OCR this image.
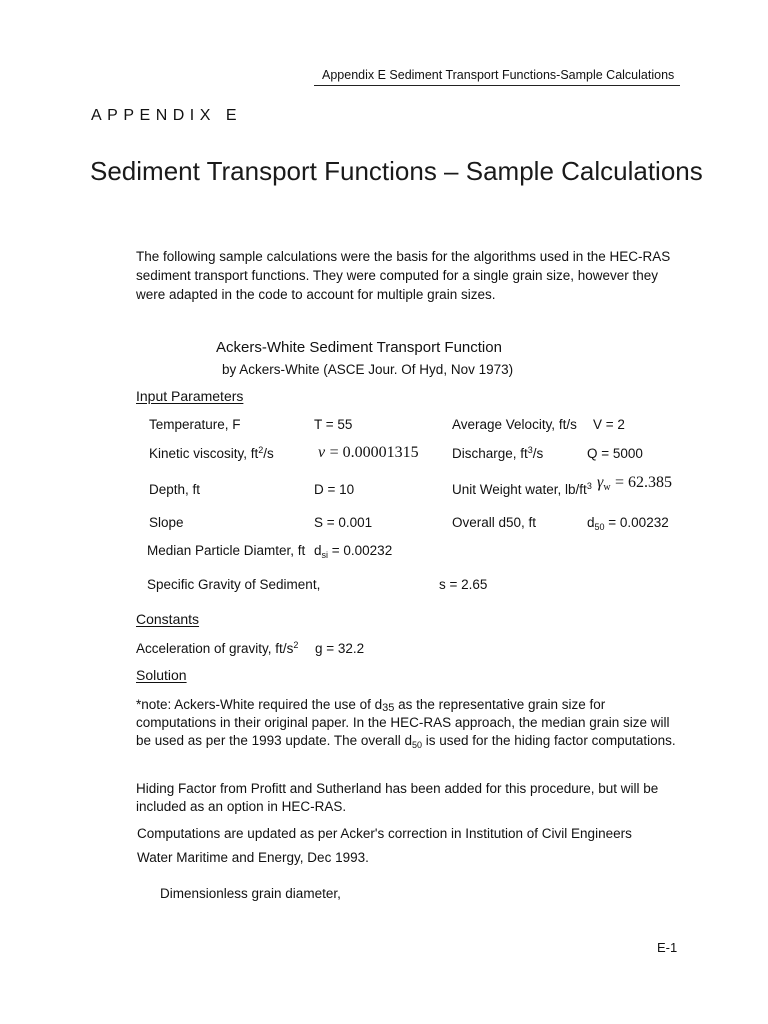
Appendix E Sediment Transport Functions-Sample Calculations
APPENDIX E
Sediment Transport Functions – Sample Calculations
The following sample calculations were the basis for the algorithms used in the HEC-RAS sediment transport functions. They were computed for a single grain size, however they were adapted in the code to account for multiple grain sizes.
Ackers-White Sediment Transport Function
by Ackers-White (ASCE Jour. Of Hyd, Nov 1973)
Input Parameters
Temperature, F	T = 55	Average Velocity, ft/s V = 2
Kinetic viscosity, $ft^2/s$	ν = 0.00001315 Discharge, $ft^3/s$	Q = 5000
Depth, ft	D = 10	Unit Weight water, $lb/ft^3$ $\gamma_w = 62.385$
Slope	S = 0.001	Overall d50, ft	$d_{50} = 0.00232$
Median Particle Diamter, ft $d_{si} = 0.00232$
Specific Gravity of Sediment,	s = 2.65
Constants
Acceleration of gravity, $ft/s^2$ g = 32.2
Solution
*note: Ackers-White required the use of $d_{35}$ as the representative grain size for computations in their original paper. In the HEC-RAS approach, the median grain size will be used as per the 1993 update. The overall $d_{50}$ is used for the hiding factor computations.
Hiding Factor from Profitt and Sutherland has been added for this procedure, but will be included as an option in HEC-RAS.
Computations are updated as per Acker's correction in Institution of Civil Engineers
Water Maritime and Energy, Dec 1993.
Dimensionless grain diameter,
E-1
